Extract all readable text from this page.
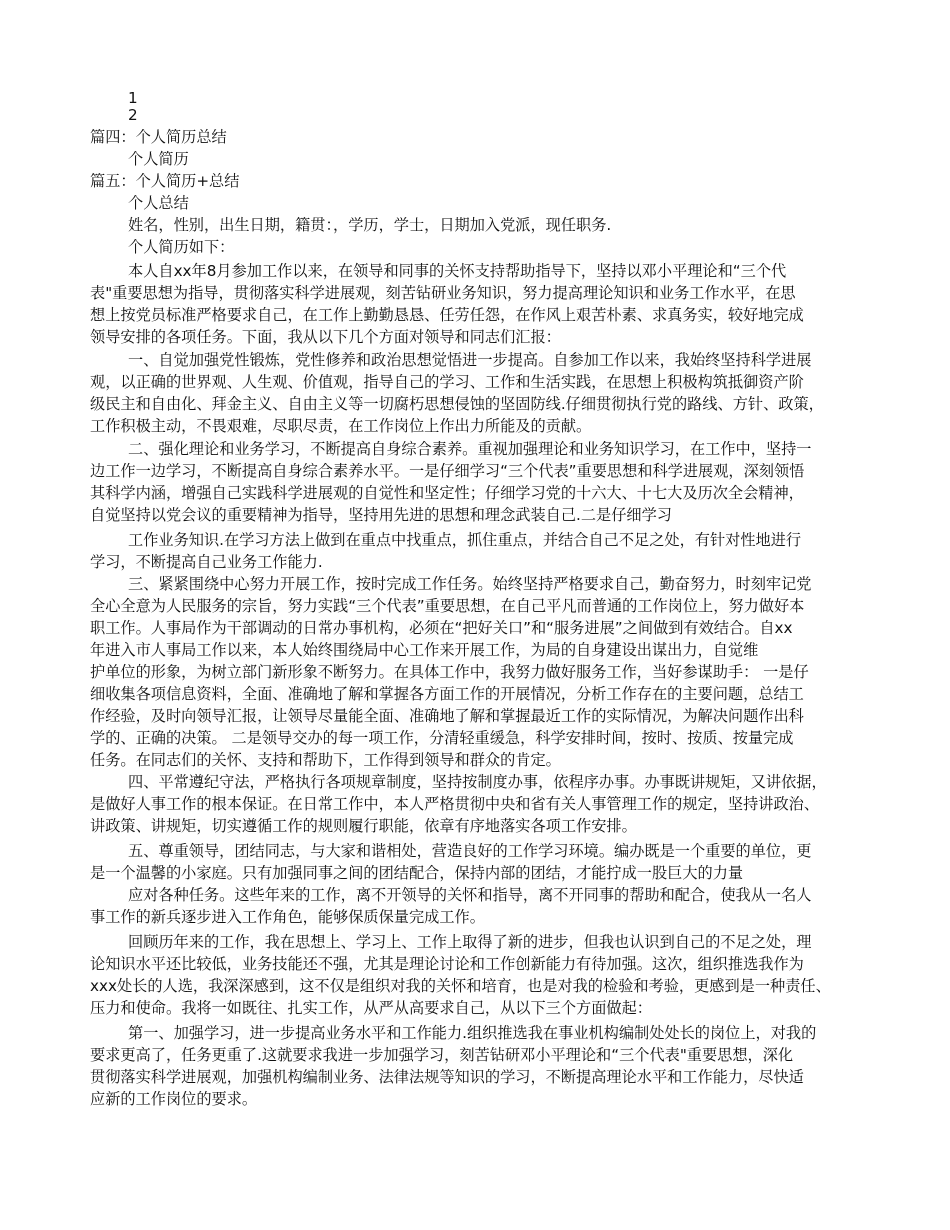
1
2
篇四：个人简历总结
个人简历
篇五：个人简历+总结
个人总结
姓名，性别，出生日期，籍贯：，学历，学士，日期加入党派，现任职务.
个人简历如下：
本人自xx年8月参加工作以来，在领导和同事的关怀支持帮助指导下，坚持以邓小平理论和“三个代
表"重要思想为指导，贯彻落实科学进展观，刻苦钻研业务知识，努力提高理论知识和业务工作水平，在思
想上按党员标准严格要求自己，在工作上勤勤恳恳、任劳任怨，在作风上艰苦朴素、求真务实，较好地完成
领导安排的各项任务。下面，我从以下几个方面对领导和同志们汇报：
一、自觉加强党性锻炼，党性修养和政治思想觉悟进一步提高。自参加工作以来，我始终坚持科学进展
观，以正确的世界观、人生观、价值观，指导自己的学习、工作和生活实践，在思想上积极构筑抵御资产阶
级民主和自由化、拜金主义、自由主义等一切腐朽思想侵蚀的坚固防线.仔细贯彻执行党的路线、方针、政策，
工作积极主动，不畏艰难，尽职尽责，在工作岗位上作出力所能及的贡献。
二、强化理论和业务学习，不断提高自身综合素养。重视加强理论和业务知识学习，在工作中，坚持一
边工作一边学习，不断提高自身综合素养水平。一是仔细学习“三个代表”重要思想和科学进展观，深刻领悟
其科学内涵，增强自己实践科学进展观的自觉性和坚定性；仔细学习党的十六大、十七大及历次全会精神，
自觉坚持以党会议的重要精神为指导，坚持用先进的思想和理念武装自己.二是仔细学习
工作业务知识.在学习方法上做到在重点中找重点，抓住重点，并结合自己不足之处，有针对性地进行
学习，不断提高自己业务工作能力.
三、紧紧围绕中心努力开展工作，按时完成工作任务。始终坚持严格要求自己，勤奋努力，时刻牢记党
全心全意为人民服务的宗旨，努力实践“三个代表”重要思想，在自己平凡而普通的工作岗位上，努力做好本
职工作。人事局作为干部调动的日常办事机构，必须在“把好关口”和“服务进展”之间做到有效结合。自xx
年进入市人事局工作以来，本人始终围绕局中心工作来开展工作，为局的自身建设出谋出力，自觉维
护单位的形象，为树立部门新形象不断努力。在具体工作中，我努力做好服务工作，当好参谋助手： 一是仔
细收集各项信息资料，全面、准确地了解和掌握各方面工作的开展情况，分析工作存在的主要问题，总结工
作经验，及时向领导汇报，让领导尽量能全面、准确地了解和掌握最近工作的实际情况，为解决问题作出科
学的、正确的决策。 二是领导交办的每一项工作，分清轻重缓急，科学安排时间，按时、按质、按量完成
任务。在同志们的关怀、支持和帮助下，工作得到领导和群众的肯定。
四、平常遵纪守法，严格执行各项规章制度，坚持按制度办事，依程序办事。办事既讲规矩，又讲依据，
是做好人事工作的根本保证。在日常工作中，本人严格贯彻中央和省有关人事管理工作的规定，坚持讲政治、
讲政策、讲规矩，切实遵循工作的规则履行职能，依章有序地落实各项工作安排。
五、尊重领导，团结同志，与大家和谐相处，营造良好的工作学习环境。编办既是一个重要的单位，更
是一个温馨的小家庭。只有加强同事之间的团结配合，保持内部的团结，才能拧成一股巨大的力量
应对各种任务。这些年来的工作，离不开领导的关怀和指导，离不开同事的帮助和配合，使我从一名人
事工作的新兵逐步进入工作角色，能够保质保量完成工作。
回顾历年来的工作，我在思想上、学习上、工作上取得了新的进步，但我也认识到自己的不足之处，理
论知识水平还比较低，业务技能还不强，尤其是理论讨论和工作创新能力有待加强。这次，组织推选我作为
xxx处长的人选，我深深感到，这不仅是组织对我的关怀和培育，也是对我的检验和考验，更感到是一种责任、
压力和使命。我将一如既往、扎实工作，从严从高要求自己，从以下三个方面做起：
第一、加强学习，进一步提高业务水平和工作能力.组织推选我在事业机构编制处处长的岗位上，对我的
要求更高了，任务更重了.这就要求我进一步加强学习，刻苦钻研邓小平理论和“三个代表"重要思想，深化
贯彻落实科学进展观，加强机构编制业务、法律法规等知识的学习，不断提高理论水平和工作能力，尽快适
应新的工作岗位的要求。
